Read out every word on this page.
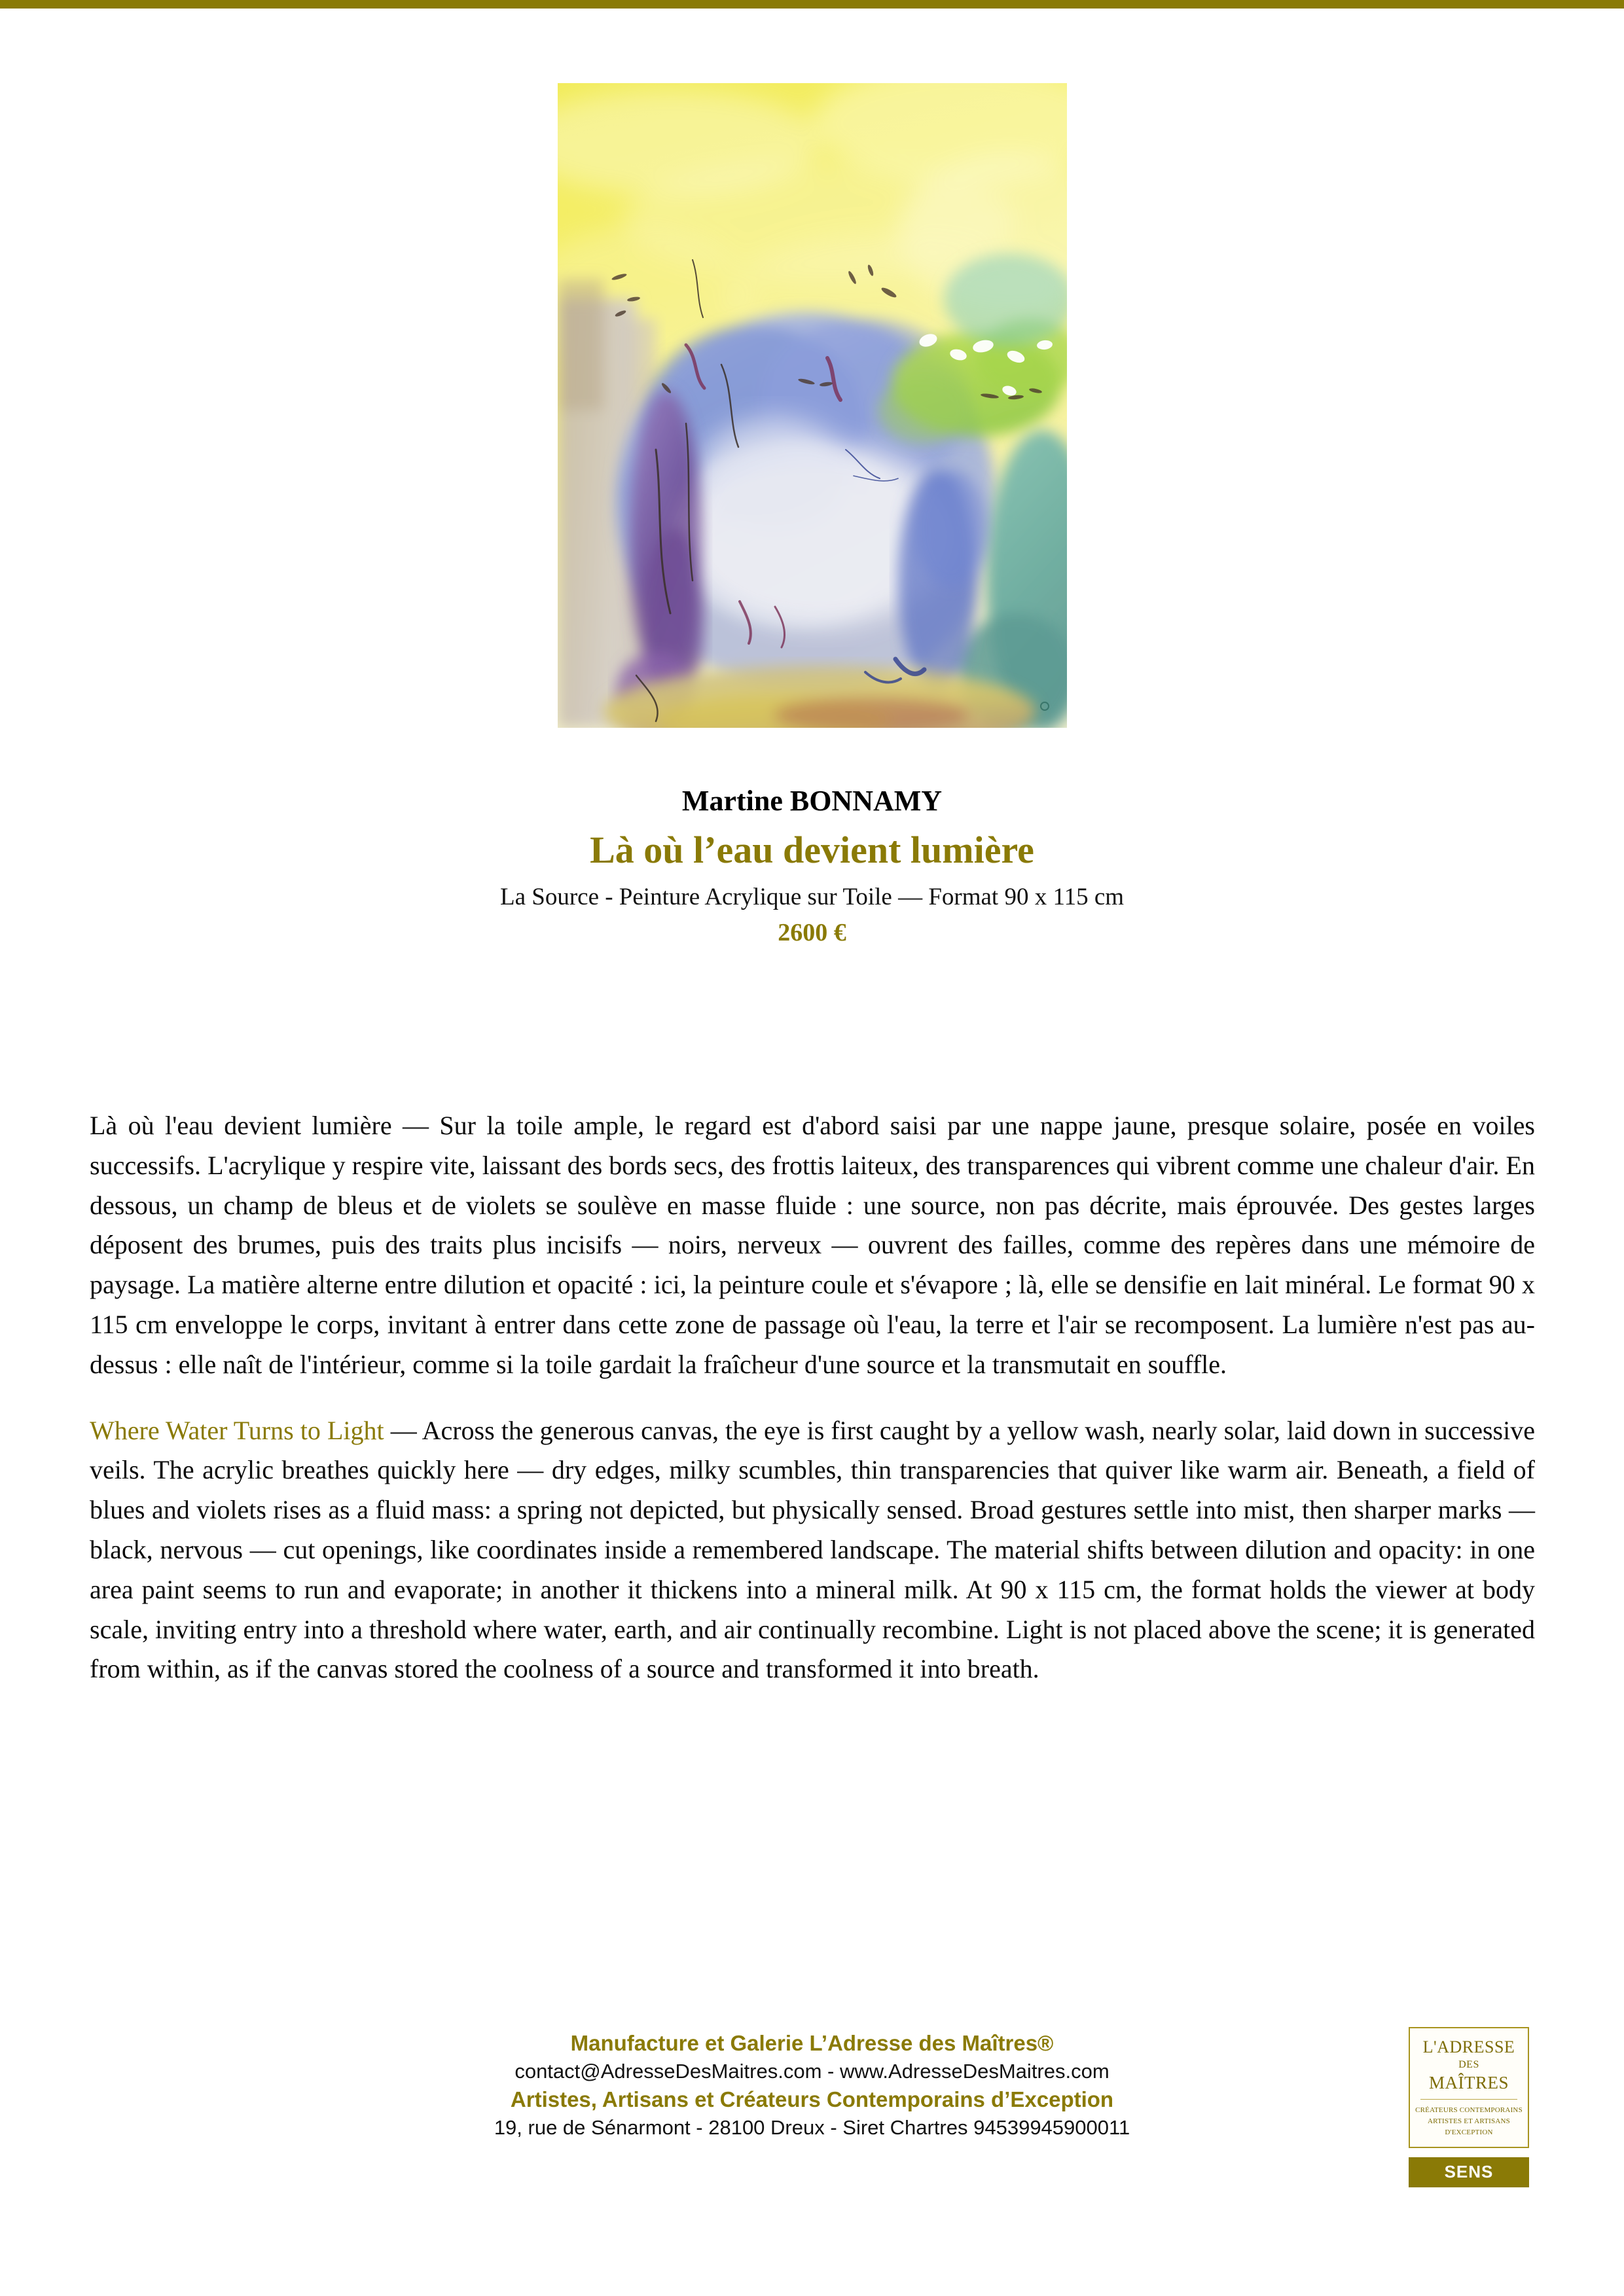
Martine BONNAMY
Là où l’eau devient lumière
La Source - Peinture Acrylique sur Toile — Format 90 x 115 cm
2600 €

Là où l'eau devient lumière — Sur la toile ample, le regard est d'abord saisi par une nappe jaune, presque solaire, posée en voiles successifs. L'acrylique y respire vite, laissant des bords secs, des frottis laiteux, des transparences qui vibrent comme une chaleur d'air. En dessous, un champ de bleus et de violets se soulève en masse fluide : une source, non pas décrite, mais éprouvée. Des gestes larges déposent des brumes, puis des traits plus incisifs — noirs, nerveux — ouvrent des failles, comme des repères dans une mémoire de paysage. La matière alterne entre dilution et opacité : ici, la peinture coule et s'évapore ; là, elle se densifie en lait minéral. Le format 90 x 115 cm enveloppe le corps, invitant à entrer dans cette zone de passage où l'eau, la terre et l'air se recomposent. La lumière n'est pas au-dessus : elle naît de l'intérieur, comme si la toile gardait la fraîcheur d'une source et la transmutait en souffle.

Where Water Turns to Light — Across the generous canvas, the eye is first caught by a yellow wash, nearly solar, laid down in successive veils. The acrylic breathes quickly here — dry edges, milky scumbles, thin transparencies that quiver like warm air. Beneath, a field of blues and violets rises as a fluid mass: a spring not depicted, but physically sensed. Broad gestures settle into mist, then sharper marks — black, nervous — cut openings, like coordinates inside a remembered landscape. The material shifts between dilution and opacity: in one area paint seems to run and evaporate; in another it thickens into a mineral milk. At 90 x 115 cm, the format holds the viewer at body scale, inviting entry into a threshold where water, earth, and air continually recombine. Light is not placed above the scene; it is generated from within, as if the canvas stored the coolness of a source and transformed it into breath.

Manufacture et Galerie L’Adresse des Maîtres®

contact@AdresseDesMaitres.com - www.AdresseDesMaitres.com

Artistes, Artisans et Créateurs Contemporains d’Exception

19, rue de Sénarmont - 28100 Dreux - Siret Chartres 94539945900011

L'ADRESSE
DES
MAÎTRES
CRÉATEURS CONTEMPORAINS
ARTISTES ET ARTISANS
D'EXCEPTION
SENS
